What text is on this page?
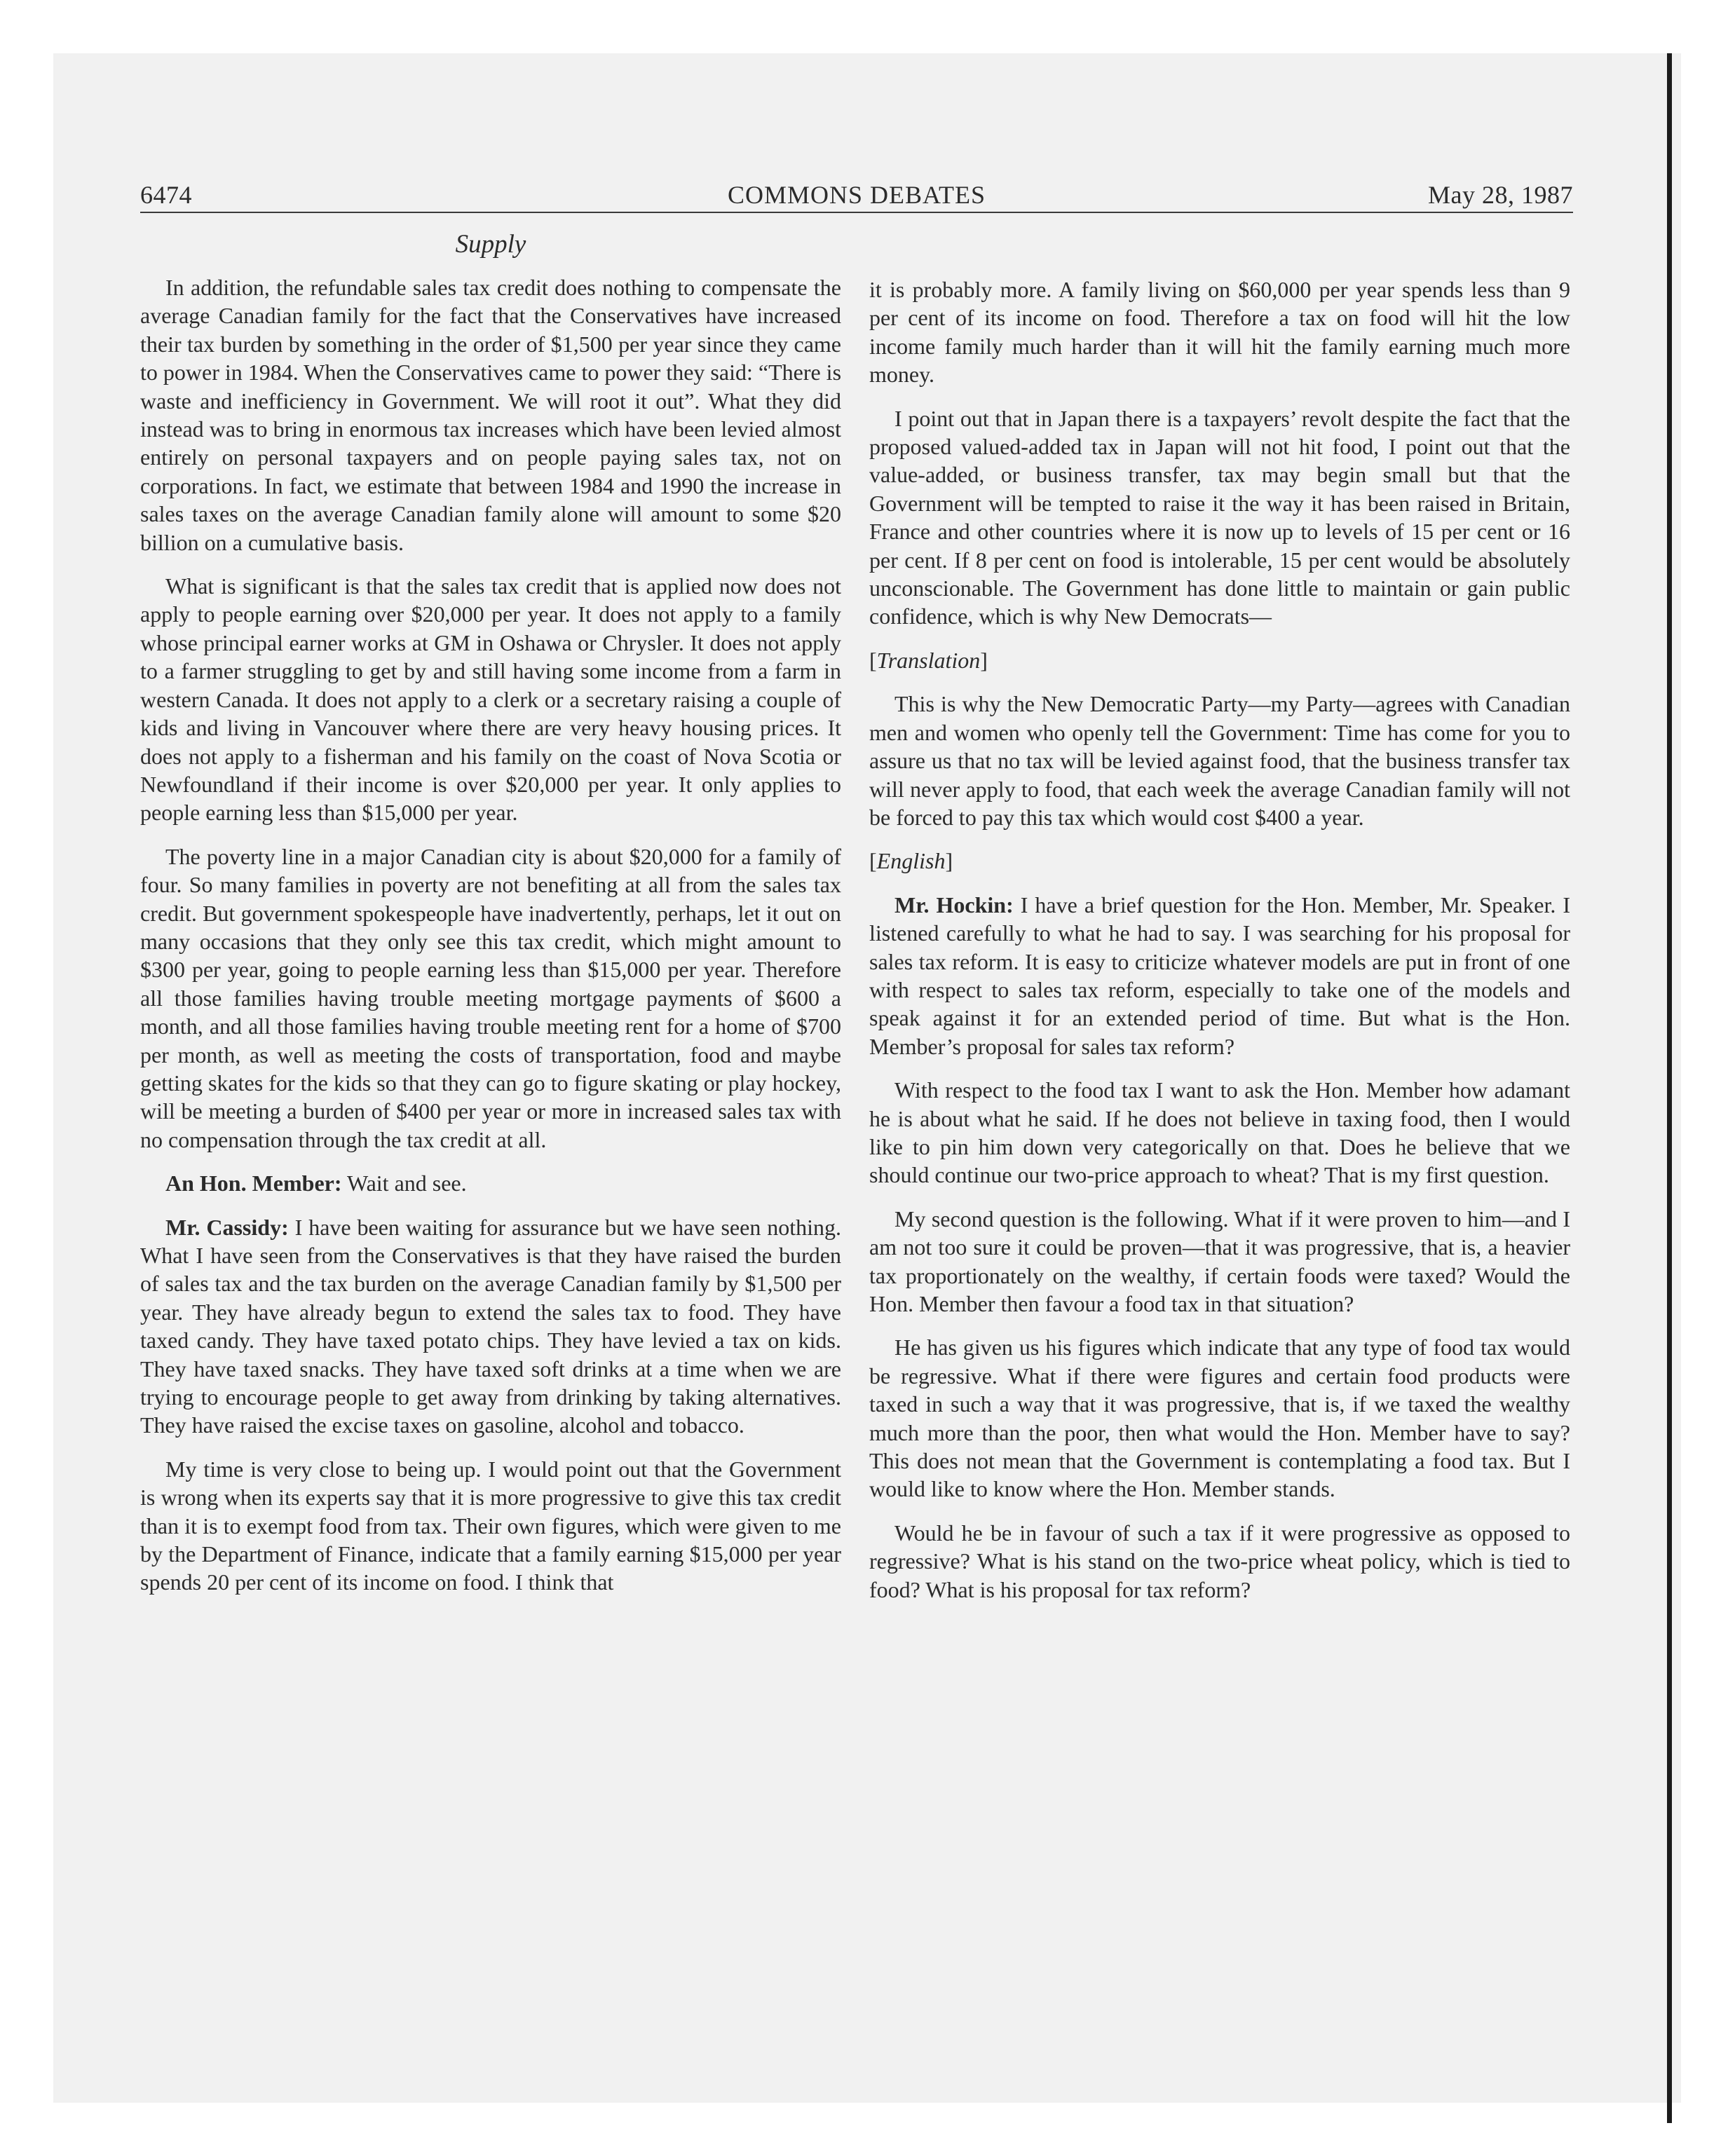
6474	COMMONS DEBATES	May 28, 1987
Supply

In addition, the refundable sales tax credit does nothing to compensate the average Canadian family for the fact that the Conservatives have increased their tax burden by something in the order of $1,500 per year since they came to power in 1984. When the Conservatives came to power they said: “There is waste and inefficiency in Government. We will root it out”. What they did instead was to bring in enormous tax increases which have been levied almost entirely on personal taxpayers and on people paying sales tax, not on corporations. In fact, we estimate that between 1984 and 1990 the increase in sales taxes on the average Canadian family alone will amount to some $20 billion on a cumulative basis.

What is significant is that the sales tax credit that is applied now does not apply to people earning over $20,000 per year. It does not apply to a family whose principal earner works at GM in Oshawa or Chrysler. It does not apply to a farmer struggling to get by and still having some income from a farm in western Canada. It does not apply to a clerk or a secretary raising a couple of kids and living in Vancouver where there are very heavy housing prices. It does not apply to a fisherman and his family on the coast of Nova Scotia or Newfoundland if their income is over $20,000 per year. It only applies to people earning less than $15,000 per year.

The poverty line in a major Canadian city is about $20,000 for a family of four. So many families in poverty are not benefiting at all from the sales tax credit. But government spokespeople have inadvertently, perhaps, let it out on many occasions that they only see this tax credit, which might amount to $300 per year, going to people earning less than $15,000 per year. Therefore all those families having trouble meeting mortgage payments of $600 a month, and all those families having trouble meeting rent for a home of $700 per month, as well as meeting the costs of transportation, food and maybe getting skates for the kids so that they can go to figure skating or play hockey, will be meeting a burden of $400 per year or more in increased sales tax with no compensation through the tax credit at all.

An Hon. Member: Wait and see.

Mr. Cassidy: I have been waiting for assurance but we have seen nothing. What I have seen from the Conservatives is that they have raised the burden of sales tax and the tax burden on the average Canadian family by $1,500 per year. They have already begun to extend the sales tax to food. They have taxed candy. They have taxed potato chips. They have levied a tax on kids. They have taxed snacks. They have taxed soft drinks at a time when we are trying to encourage people to get away from drinking by taking alternatives. They have raised the excise taxes on gasoline, alcohol and tobacco.

My time is very close to being up. I would point out that the Government is wrong when its experts say that it is more progressive to give this tax credit than it is to exempt food from tax. Their own figures, which were given to me by the Department of Finance, indicate that a family earning $15,000 per year spends 20 per cent of its income on food. I think that

it is probably more. A family living on $60,000 per year spends less than 9 per cent of its income on food. Therefore a tax on food will hit the low income family much harder than it will hit the family earning much more money.

I point out that in Japan there is a taxpayers’ revolt despite the fact that the proposed valued-added tax in Japan will not hit food, I point out that the value-added, or business transfer, tax may begin small but that the Government will be tempted to raise it the way it has been raised in Britain, France and other countries where it is now up to levels of 15 per cent or 16 per cent. If 8 per cent on food is intolerable, 15 per cent would be absolutely unconscionable. The Government has done little to maintain or gain public confidence, which is why New Democrats—

[Translation]

This is why the New Democratic Party—my Party—agrees with Canadian men and women who openly tell the Government: Time has come for you to assure us that no tax will be levied against food, that the business transfer tax will never apply to food, that each week the average Canadian family will not be forced to pay this tax which would cost $400 a year.

[English]

Mr. Hockin: I have a brief question for the Hon. Member, Mr. Speaker. I listened carefully to what he had to say. I was searching for his proposal for sales tax reform. It is easy to criticize whatever models are put in front of one with respect to sales tax reform, especially to take one of the models and speak against it for an extended period of time. But what is the Hon. Member’s proposal for sales tax reform?

With respect to the food tax I want to ask the Hon. Member how adamant he is about what he said. If he does not believe in taxing food, then I would like to pin him down very categorically on that. Does he believe that we should continue our two-price approach to wheat? That is my first question.

My second question is the following. What if it were proven to him—and I am not too sure it could be proven—that it was progressive, that is, a heavier tax proportionately on the wealthy, if certain foods were taxed? Would the Hon. Member then favour a food tax in that situation?

He has given us his figures which indicate that any type of food tax would be regressive. What if there were figures and certain food products were taxed in such a way that it was progressive, that is, if we taxed the wealthy much more than the poor, then what would the Hon. Member have to say? This does not mean that the Government is contemplating a food tax. But I would like to know where the Hon. Member stands.

Would he be in favour of such a tax if it were progressive as opposed to regressive? What is his stand on the two-price wheat policy, which is tied to food? What is his proposal for tax reform?
